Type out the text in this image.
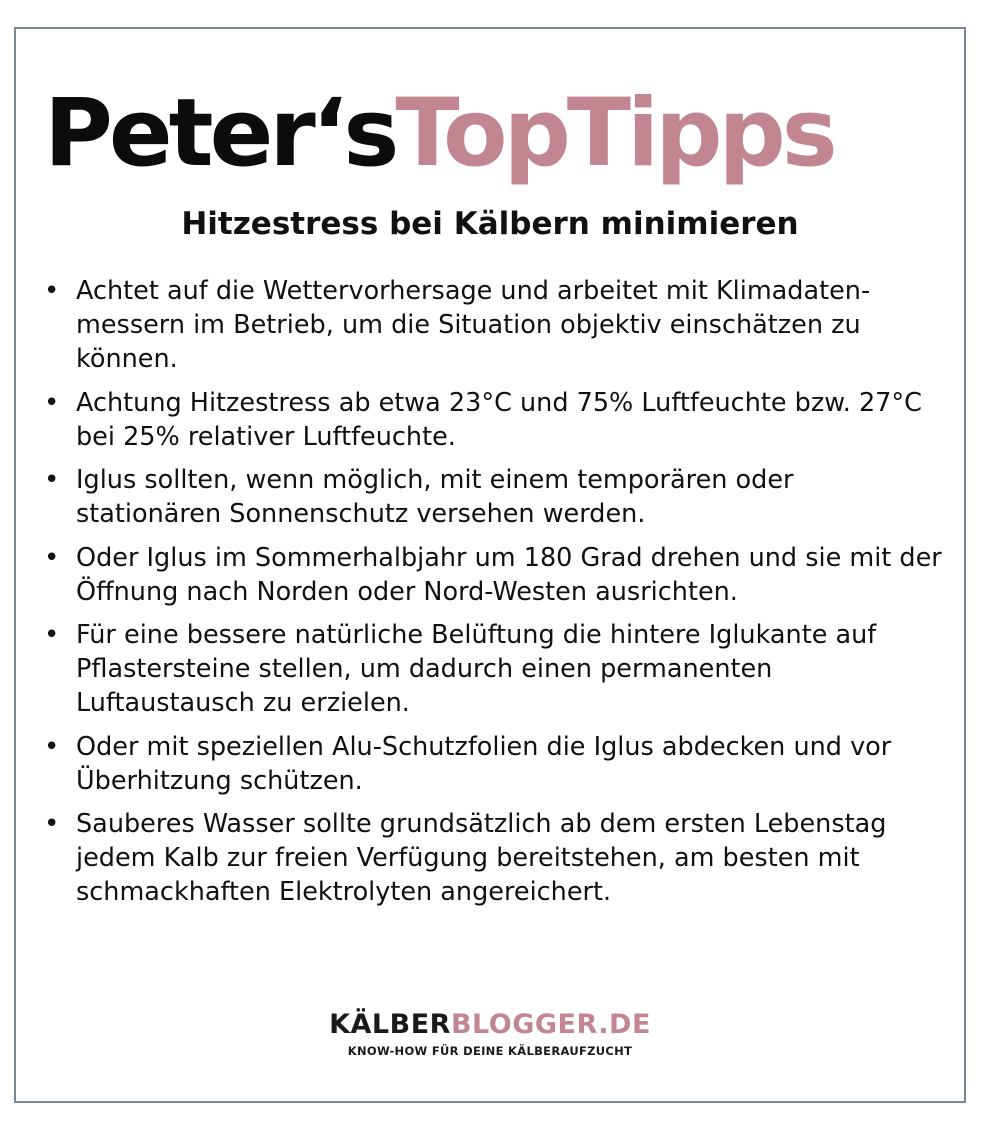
Peter‘sTopTipps
Hitzestress bei Kälbern minimieren
• Achtet auf die Wettervorhersage und arbeitet mit Klimadaten-messern im Betrieb, um die Situation objektiv einschätzen zu können.
• Achtung Hitzestress ab etwa 23°C und 75% Luftfeuchte bzw. 27°C bei 25% relativer Luftfeuchte.
• Iglus sollten, wenn möglich, mit einem temporären oder stationären Sonnenschutz versehen werden.
• Oder Iglus im Sommerhalbjahr um 180 Grad drehen und sie mit der Öffnung nach Norden oder Nord-Westen ausrichten.
• Für eine bessere natürliche Belüftung die hintere Iglukante auf Pflastersteine stellen, um dadurch einen permanenten Luftaustausch zu erzielen.
• Oder mit speziellen Alu-Schutzfolien die Iglus abdecken und vor Überhitzung schützen.
• Sauberes Wasser sollte grundsätzlich ab dem ersten Lebenstag jedem Kalb zur freien Verfügung bereitstehen, am besten mit schmackhaften Elektrolyten angereichert.
KÄLBERBLOGGER.DE
KNOW-HOW FÜR DEINE KÄLBERAUFZUCHT
